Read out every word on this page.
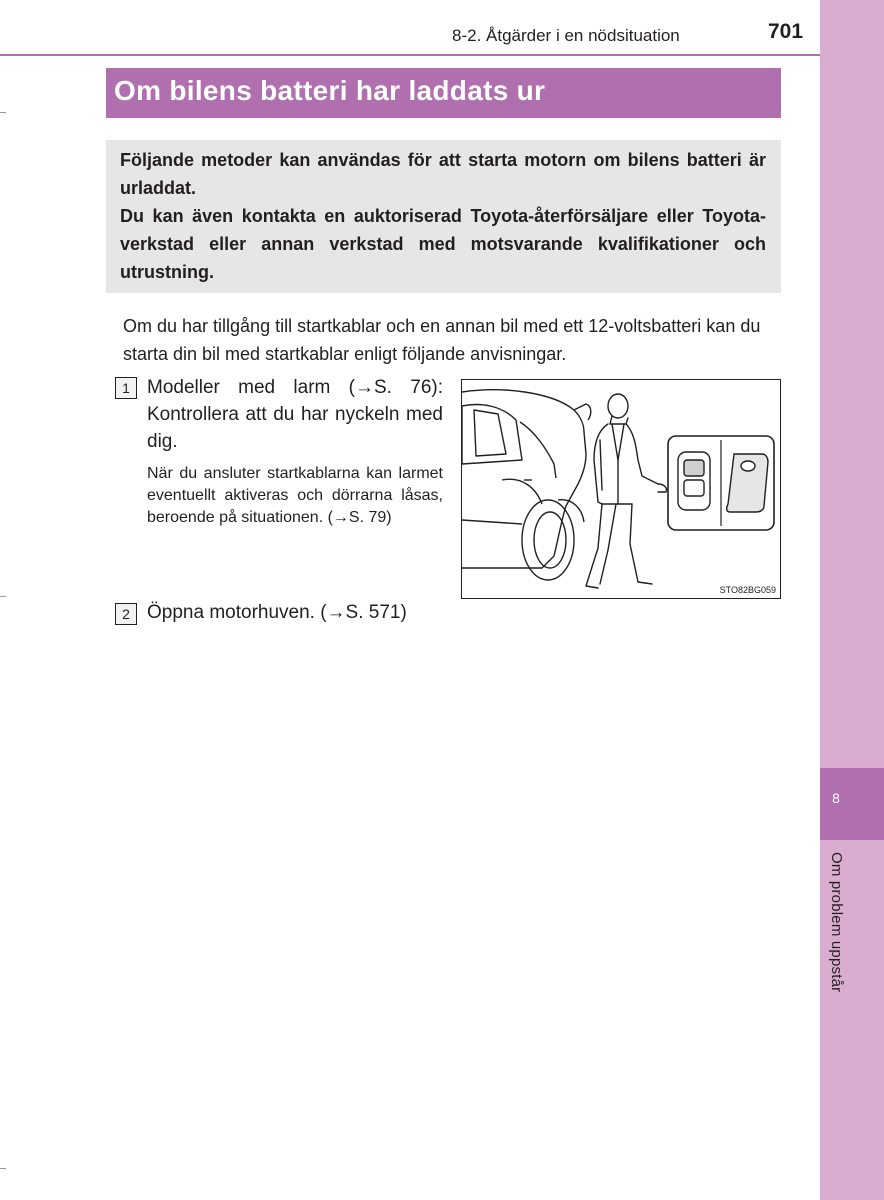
8
Om problem uppstår
8-2. Åtgärder i en nödsituation	701
Om bilens batteri har laddats ur
Följande metoder kan användas för att starta motorn om bilens batteri är urladdat.
Du kan även kontakta en auktoriserad Toyota-återförsäljare eller Toyota-verkstad eller annan verkstad med motsvarande kvalifikationer och utrustning.
Om du har tillgång till startkablar och en annan bil med ett 12-voltsbatteri kan du starta din bil med startkablar enligt följande anvisningar.
1 Modeller med larm (→S. 76): Kontrollera att du har nyckeln med dig.
När du ansluter startkablarna kan larmet eventuellt aktiveras och dörrarna låsas, beroende på situationen. (→S. 79)
2 Öppna motorhuven. (→S. 571)
STO82BG059
